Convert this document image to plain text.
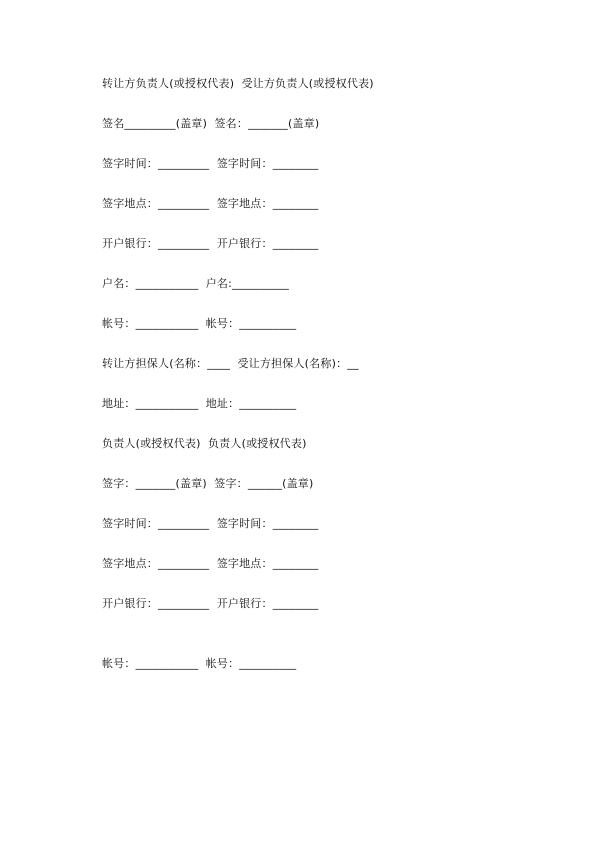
转让方负责人(或授权代表)  受让方负责人(或授权代表)
签名_________(盖章)  签名：_______(盖章)
签字时间：_________  签字时间：________
签字地点：_________  签字地点：________
开户银行：_________  开户银行：________
户名：___________  户名:__________
帐号：___________  帐号：__________
转让方担保人(名称：____  受让方担保人(名称)：__
地址：___________  地址：__________
负责人(或授权代表)  负责人(或授权代表)
签字：_______(盖章)  签字：______(盖章)
签字时间：_________  签字时间：________
签字地点：_________  签字地点：________
开户银行：_________  开户银行：________
帐号：___________  帐号：__________
